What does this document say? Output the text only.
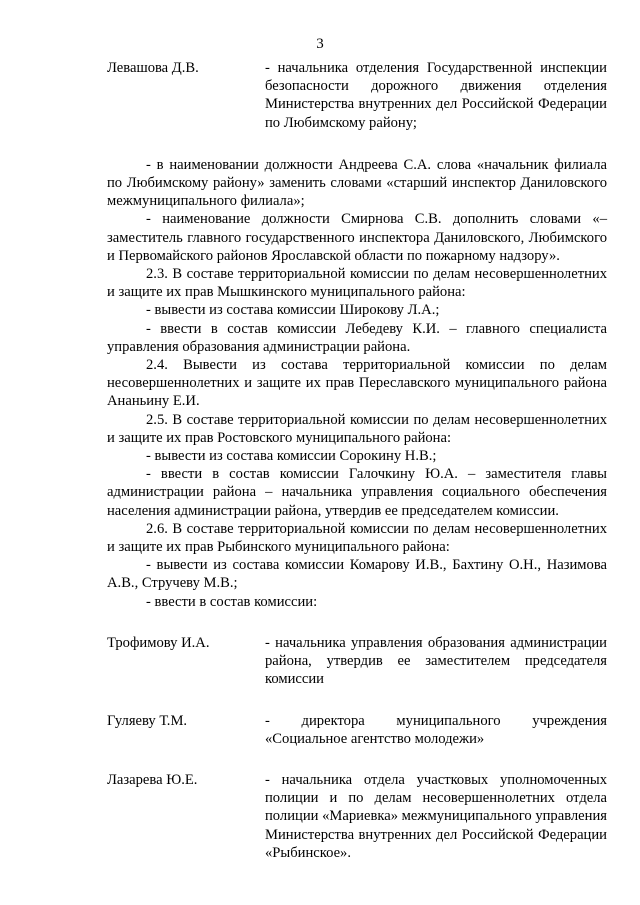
3
Левашова Д.В.	- начальника отделения Государственной инспекции безопасности дорожного движения отделения Министерства внутренних дел Российской Федерации по Любимскому району;

- в наименовании должности Андреева С.А. слова «начальник филиала по Любимскому району» заменить словами «старший инспектор Даниловского межмуниципального филиала»;

- наименование должности Смирнова С.В. дополнить словами «– заместитель главного государственного инспектора Даниловского, Любимского и Первомайского районов Ярославской области по пожарному надзору».

2.3. В составе территориальной комиссии по делам несовершеннолетних и защите их прав Мышкинского муниципального района:

- вывести из состава комиссии Широкову Л.А.;

- ввести в состав комиссии Лебедеву К.И. – главного специалиста управления образования администрации района.

2.4. Вывести из состава территориальной комиссии по делам несовершеннолетних и защите их прав Переславского муниципального района Ананьину Е.И.

2.5. В составе территориальной комиссии по делам несовершеннолетних и защите их прав Ростовского муниципального района:

- вывести из состава комиссии Сорокину Н.В.;

- ввести в состав комиссии Галочкину Ю.А. – заместителя главы администрации района – начальника управления социального обеспечения населения администрации района, утвердив ее председателем комиссии.

2.6. В составе территориальной комиссии по делам несовершеннолетних и защите их прав Рыбинского муниципального района:

- вывести из состава комиссии Комарову И.В., Бахтину О.Н., Назимова А.В., Стручеву М.В.;

- ввести в состав комиссии:

Трофимову И.А.	- начальника управления образования администрации района, утвердив ее заместителем председателя комиссии
Гуляеву Т.М.	- директора муниципального учреждения «Социальное агентство молодежи»
Лазарева Ю.Е.	- начальника отдела участковых уполномоченных полиции и по делам несовершеннолетних отдела полиции «Мариевка» межмуниципального управления Министерства внутренних дел Российской Федерации «Рыбинское».
